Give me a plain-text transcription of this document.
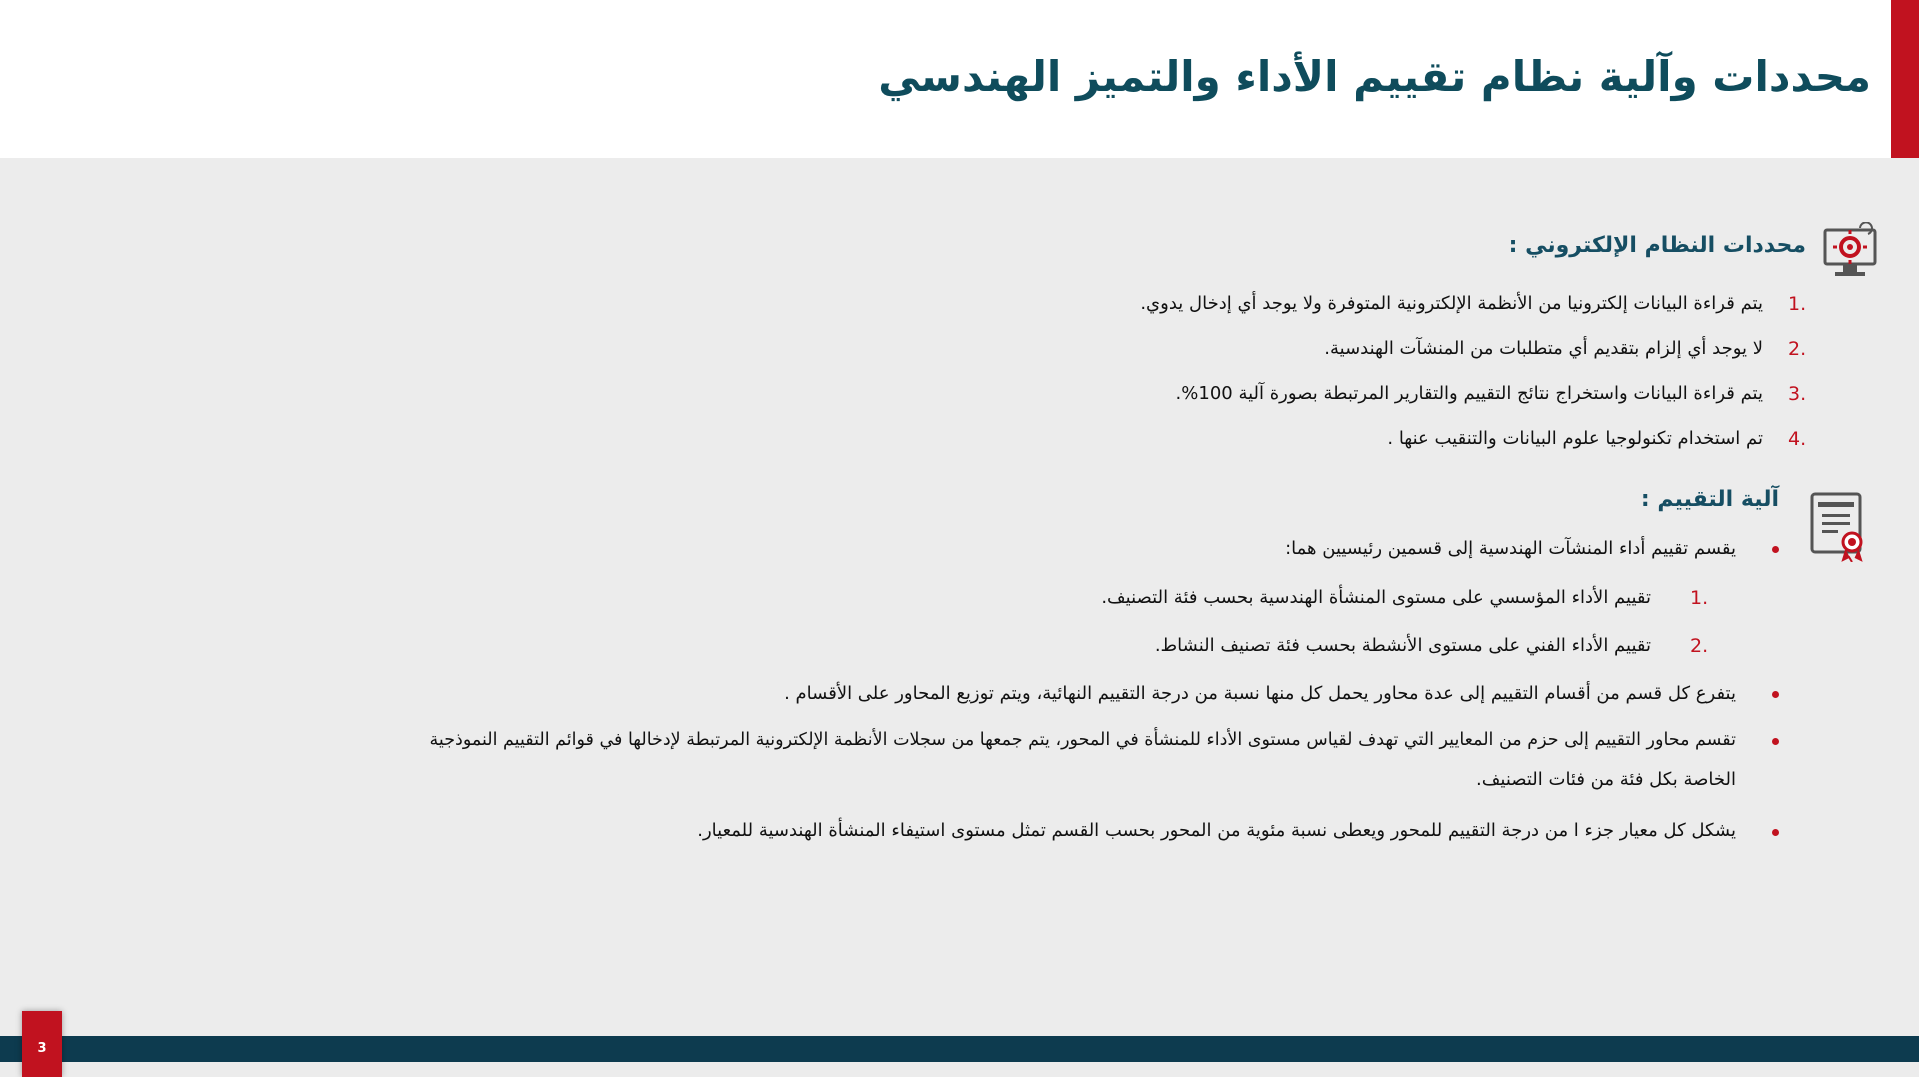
محددات وآلية نظام تقييم الأداء والتميز الهندسي
محددات النظام الإلكتروني :
1.
يتم قراءة البيانات إلكترونيا من الأنظمة الإلكترونية المتوفرة ولا يوجد أي إدخال يدوي.
2.
لا يوجد أي إلزام بتقديم أي متطلبات من المنشآت الهندسية.
3.
يتم قراءة البيانات واستخراج نتائج التقييم والتقارير المرتبطة بصورة آلية 100%.
4.
تم استخدام تكنولوجيا علوم البيانات والتنقيب عنها .
آلية التقييم :
يقسم تقييم أداء المنشآت الهندسية إلى قسمين رئيسيين هما:
1.
تقييم الأداء المؤسسي على مستوى المنشأة الهندسية بحسب فئة التصنيف.
2.
تقييم الأداء الفني على مستوى الأنشطة بحسب فئة تصنيف النشاط.
يتفرع كل قسم من أقسام التقييم إلى عدة محاور يحمل كل منها نسبة من درجة التقييم النهائية، ويتم توزيع المحاور على الأقسام .
تقسم محاور التقييم إلى حزم من المعايير التي تهدف لقياس مستوى الأداء للمنشأة في المحور، يتم جمعها من سجلات الأنظمة الإلكترونية المرتبطة لإدخالها في قوائم التقييم النموذجية
الخاصة بكل فئة من فئات التصنيف.
يشكل كل معيار جزء ا من درجة التقييم للمحور ويعطى نسبة مئوية من المحور بحسب القسم تمثل مستوى استيفاء المنشأة الهندسية للمعيار.
3
